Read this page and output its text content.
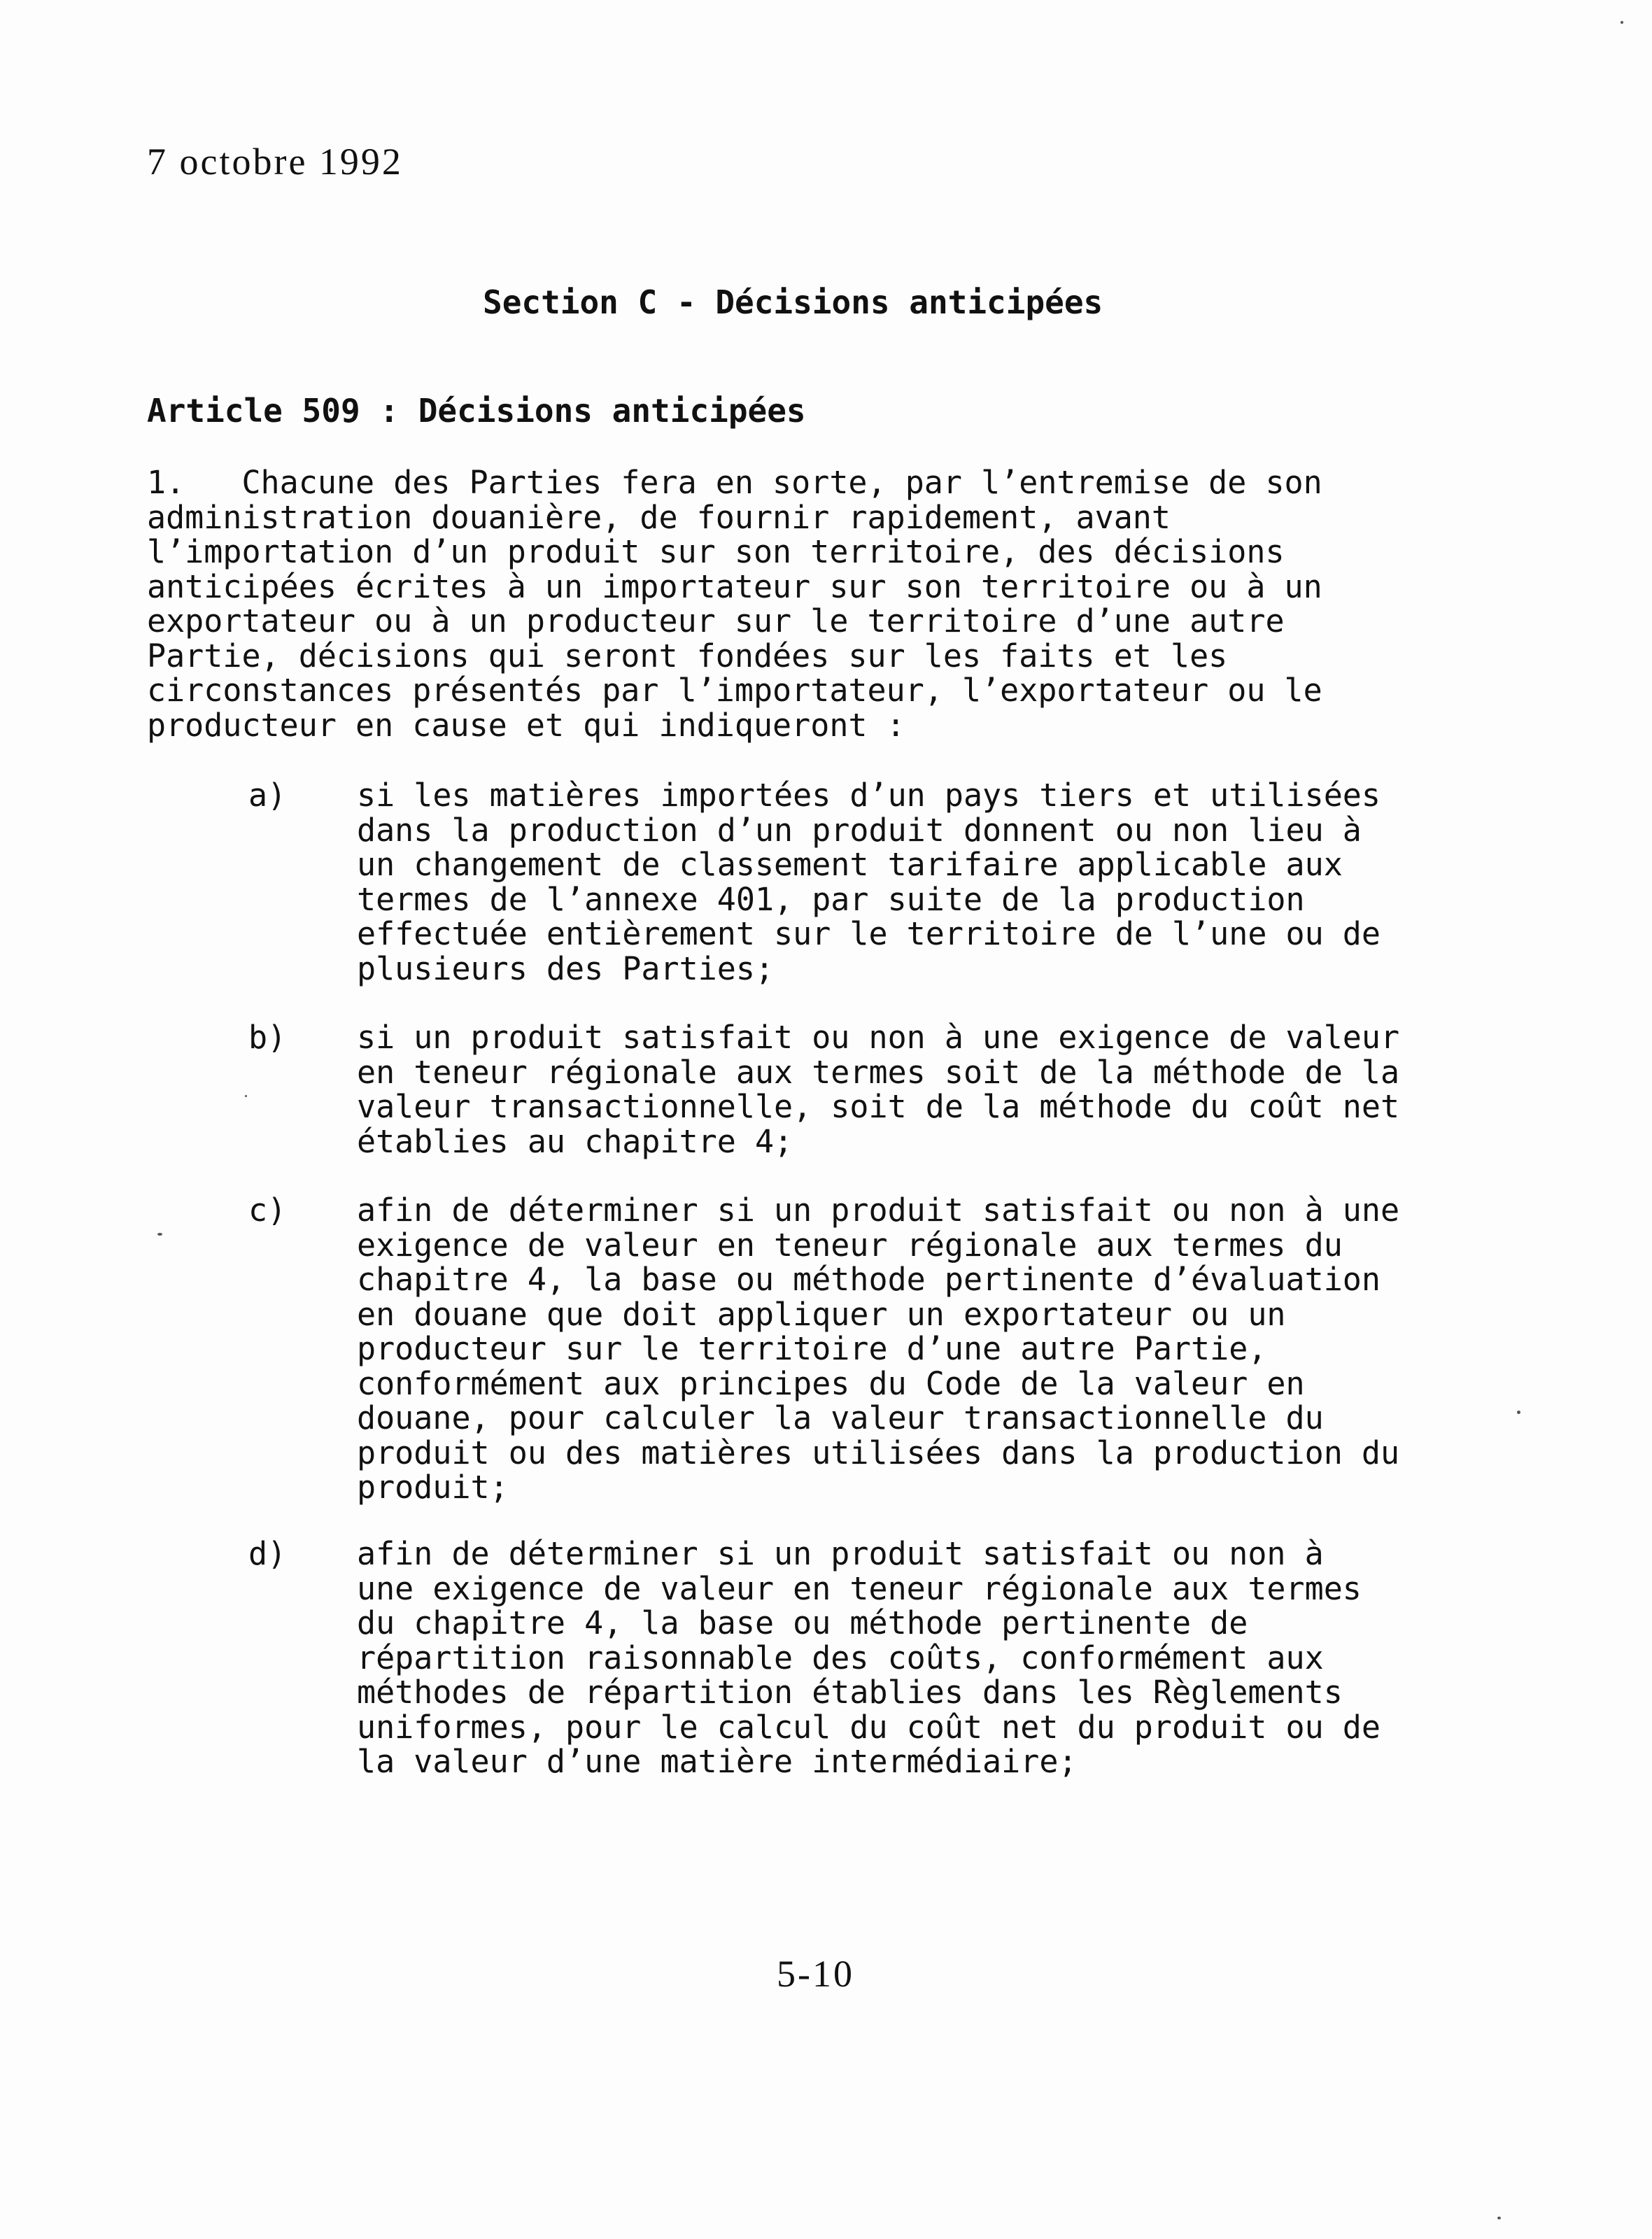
7 octobre 1992
Section C - Décisions anticipées
Article 509 : Décisions anticipées
1. Chacune des Parties fera en sorte, par l’entremise de son
administration douanière, de fournir rapidement, avant
l’importation d’un produit sur son territoire, des décisions
anticipées écrites à un importateur sur son territoire ou à un
exportateur ou à un producteur sur le territoire d’une autre
Partie, décisions qui seront fondées sur les faits et les
circonstances présentés par l’importateur, l’exportateur ou le
producteur en cause et qui indiqueront :
a) si les matières importées d’un pays tiers et utilisées
dans la production d’un produit donnent ou non lieu à
un changement de classement tarifaire applicable aux
termes de l’annexe 401, par suite de la production
effectuée entièrement sur le territoire de l’une ou de
plusieurs des Parties;
b) si un produit satisfait ou non à une exigence de valeur
en teneur régionale aux termes soit de la méthode de la
valeur transactionnelle, soit de la méthode du coût net
établies au chapitre 4;
c) afin de déterminer si un produit satisfait ou non à une
exigence de valeur en teneur régionale aux termes du
chapitre 4, la base ou méthode pertinente d’évaluation
en douane que doit appliquer un exportateur ou un
producteur sur le territoire d’une autre Partie,
conformément aux principes du Code de la valeur en
douane, pour calculer la valeur transactionnelle du
produit ou des matières utilisées dans la production du
produit;
d) afin de déterminer si un produit satisfait ou non à
une exigence de valeur en teneur régionale aux termes
du chapitre 4, la base ou méthode pertinente de
répartition raisonnable des coûts, conformément aux
méthodes de répartition établies dans les Règlements
uniformes, pour le calcul du coût net du produit ou de
la valeur d’une matière intermédiaire;
5-10
